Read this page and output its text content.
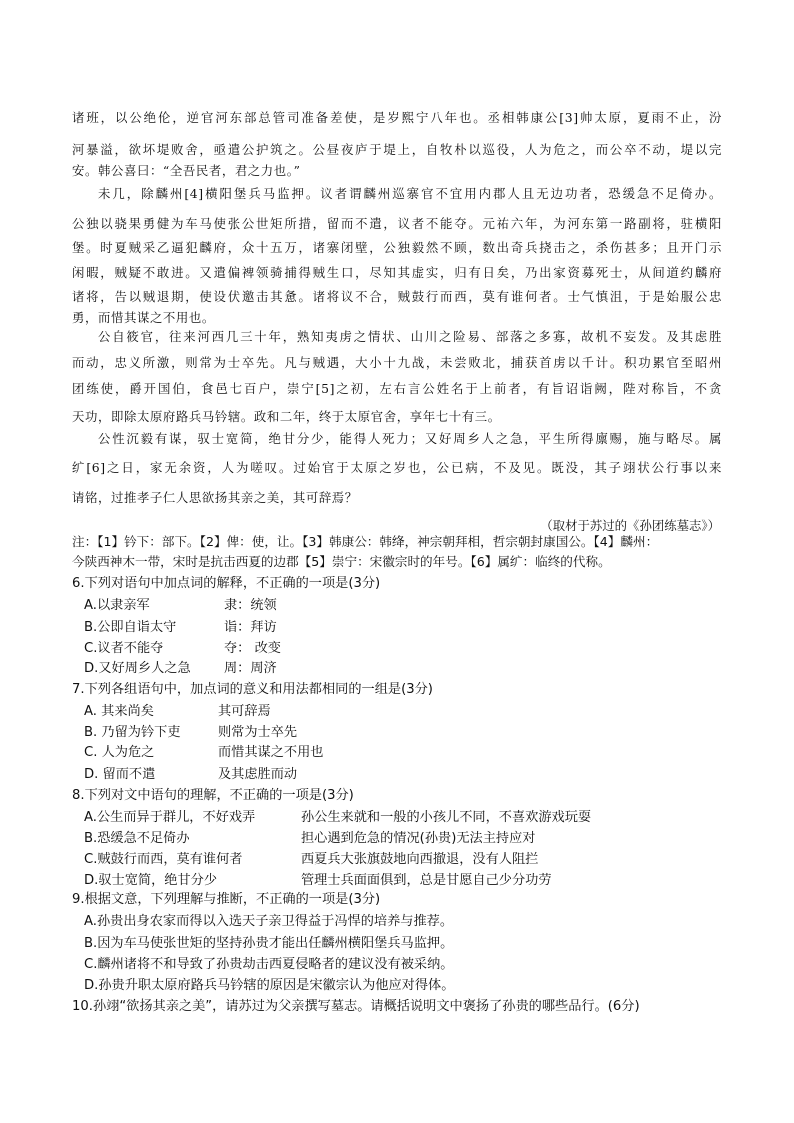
诸班，以公绝伦，逆官河东部总管司准备差使，是岁熙宁八年也。丞相韩康公[3]帅太原，夏雨不止，汾
河暴溢，欲坏堤败舍，亟遣公护筑之。公昼夜庐于堤上，自牧朴以巡役，人为危之，而公卒不动，堤以完
安。韩公喜曰：“全吾民者，君之力也。”
未几，除麟州[4]横阳堡兵马监押。议者谓麟州巡寨官不宜用内郡人且无边功者，恐缓急不足倚办。
公独以骁果勇健为车马使张公世矩所措，留而不遣，议者不能夺。元祐六年，为河东第一路副将，驻横阳
堡。时夏贼采乙逼犯麟府，众十五万，诸寨闭壁，公独毅然不顾，数出奇兵挠击之，杀伤甚多；且开门示
闲暇，贼疑不敢进。又遣偏裨领骑捕得贼生口，尽知其虚实，归有日矣，乃出家资募死士，从间道约麟府
诸将，告以贼退期，使设伏邀击其惫。诸将议不合，贼鼓行而西，莫有谁何者。士气慎沮，于是始服公忠
勇，而惜其谋之不用也。
公自筱官，往来河西几三十年，熟知夷虏之情状、山川之险易、部落之多寡，故机不妄发。及其虑胜
而动，忠义所激，则常为士卒先。凡与贼遇，大小十九战，未尝败北，捕获首虏以千计。积功累官至昭州
团练使，爵开国伯，食邑七百户，崇宁[5]之初，左右言公姓名于上前者，有旨诏诣阙，陛对称旨，不贪
天功，即除太原府路兵马钤辖。政和二年，终于太原官舍，享年七十有三。
公性沉毅有谋，驭士宽简，绝甘分少，能得人死力；又好周乡人之急，平生所得廪赐，施与略尽。属
纩[6]之日，家无余资，人为嗟叹。过始官于太原之岁也，公已病，不及见。既没，其子翊状公行事以来
请铭，过推孝子仁人思欲扬其亲之美，其可辞焉？
（取材于苏过的《孙团练墓志》）
注：【1】钤下：部下。【2】俾：使，让。【3】韩康公：韩绛，神宗朝拜相，哲宗朝封康国公。【4】麟州：
今陕西神木一带，宋时是抗击西夏的边郡【5】崇宁：宋徽宗时的年号。【6】属纩：临终的代称。
6.下列对语句中加点词的解释，不正确的一项是(3分)
A.以隶亲军	隶：统领
B.公即自诣太守	诣：拜访
C.议者不能夺	夺： 改变
D.又好周乡人之急	周：周济
7.下列各组语句中，加点词的意义和用法都相同的一组是(3分)
A. 其来尚矣	其可辞焉
B. 乃留为钤下吏	则常为士卒先
C. 人为危之	而惜其谋之不用也
D. 留而不遣	及其虑胜而动
8.下列对文中语句的理解，不正确的一项是(3分)
A.公生而异于群儿，不好戏弄	孙公生来就和一般的小孩儿不同，不喜欢游戏玩耍
B.恐缓急不足倚办	担心遇到危急的情况(孙贵)无法主持应对
C.贼鼓行而西，莫有谁何者	西夏兵大张旗鼓地向西撤退，没有人阻拦
D.驭士宽简，绝甘分少	管理士兵面面俱到，总是甘愿自己少分功劳
9.根据文意，下列理解与推断，不正确的一项是(3分)
A.孙贵出身农家而得以入选天子亲卫得益于冯悍的培养与推荐。
B.因为车马使张世矩的坚持孙贵才能出任麟州横阳堡兵马监押。
C.麟州诸将不和导致了孙贵劫击西夏侵略者的建议没有被采纳。
D.孙贵升职太原府路兵马钤辖的原因是宋徽宗认为他应对得体。
10.孙翊“欲扬其亲之美”，请苏过为父亲撰写墓志。请概括说明文中褒扬了孙贵的哪些品行。(6分)
